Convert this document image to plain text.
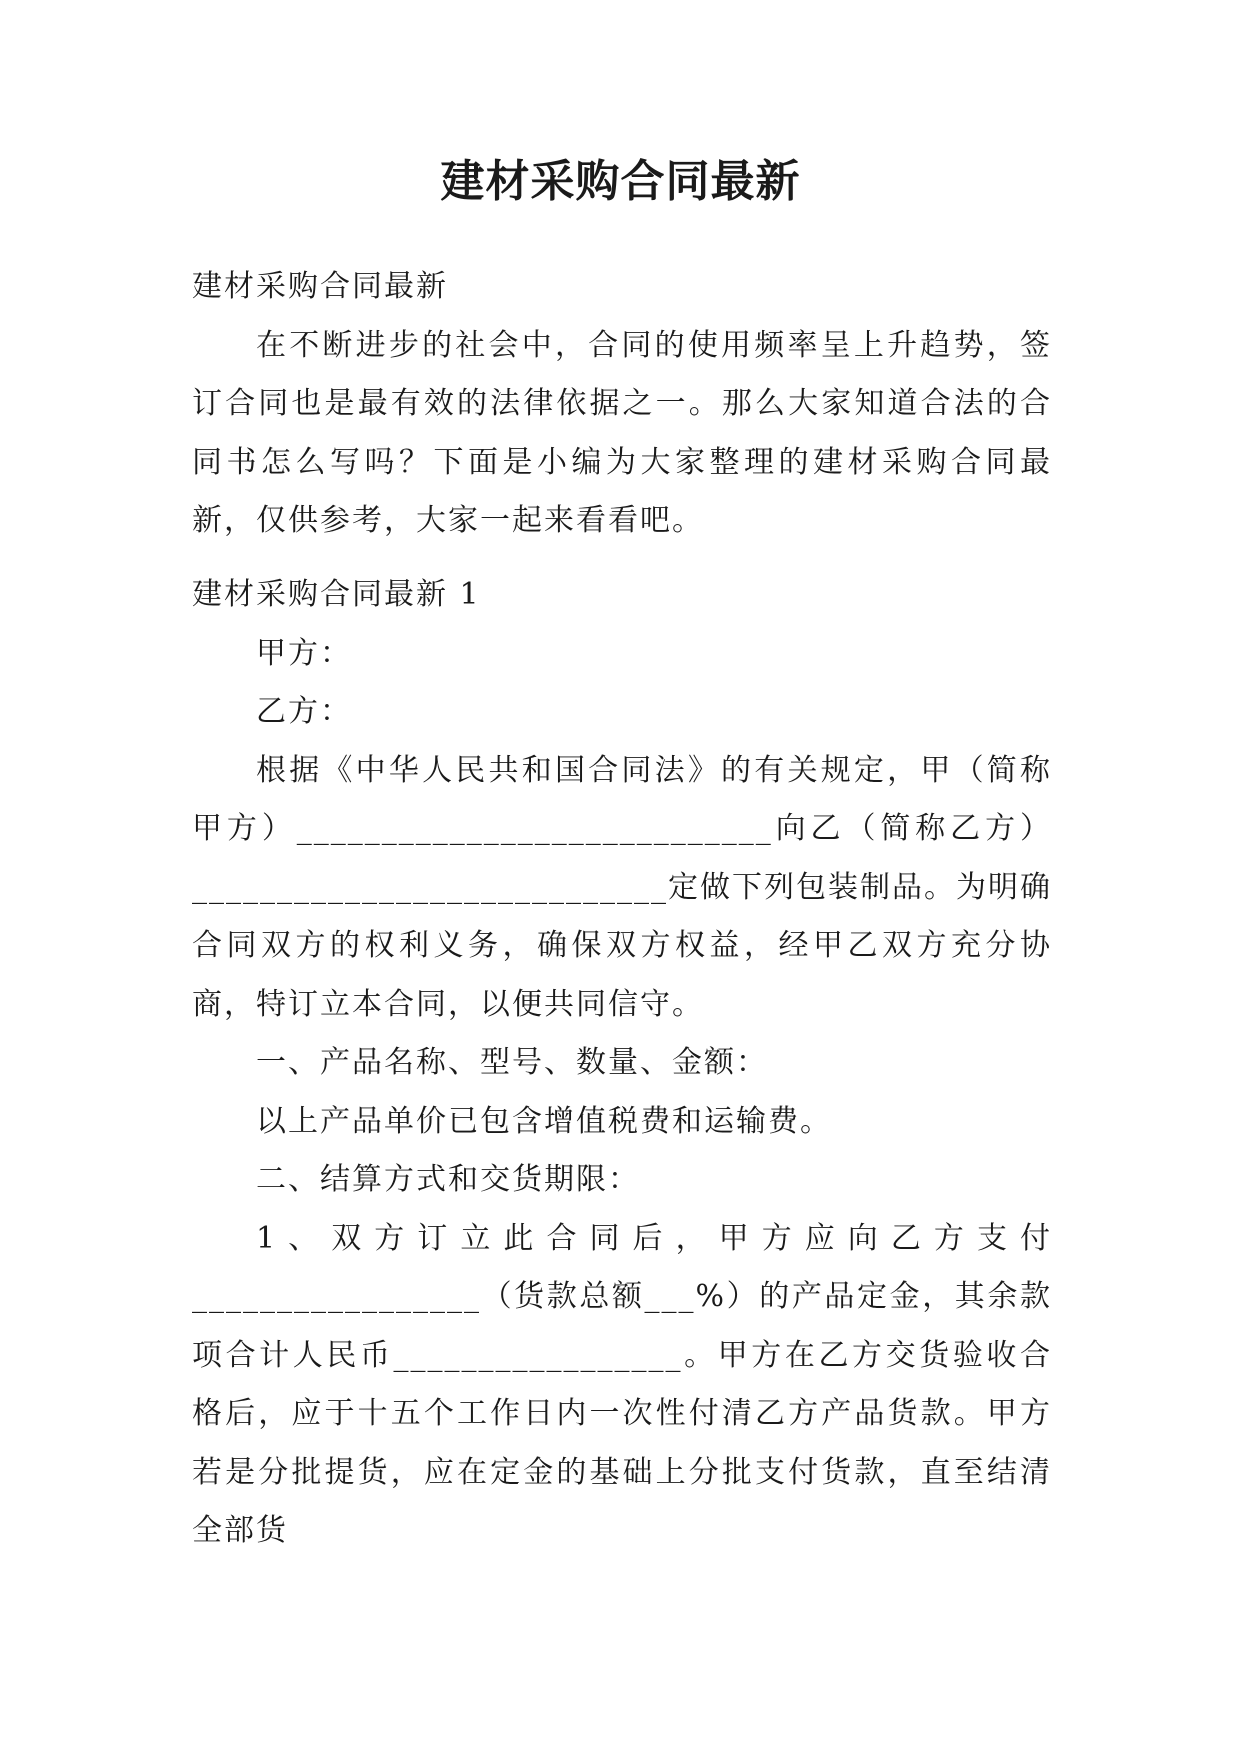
建材采购合同最新

建材采购合同最新

在不断进步的社会中，合同的使用频率呈上升趋势，签订合同也是最有效的法律依据之一。那么大家知道合法的合同书怎么写吗？下面是小编为大家整理的建材采购合同最新，仅供参考，大家一起来看看吧。

建材采购合同最新 1

甲方：

乙方：

根据《中华人民共和国合同法》的有关规定，甲（简称甲方）____________________________向乙（简称乙方）____________________________定做下列包装制品。为明确合同双方的权利义务，确保双方权益，经甲乙双方充分协商，特订立本合同，以便共同信守。

一、产品名称、型号、数量、金额：

以上产品单价已包含增值税费和运输费。

二、结算方式和交货期限：

1、双方订立此合同后，甲方应向乙方支付_________________（货款总额___%）的产品定金，其余款项合计人民币_________________。甲方在乙方交货验收合格后，应于十五个工作日内一次性付清乙方产品货款。甲方若是分批提货，应在定金的基础上分批支付货款，直至结清全部货
